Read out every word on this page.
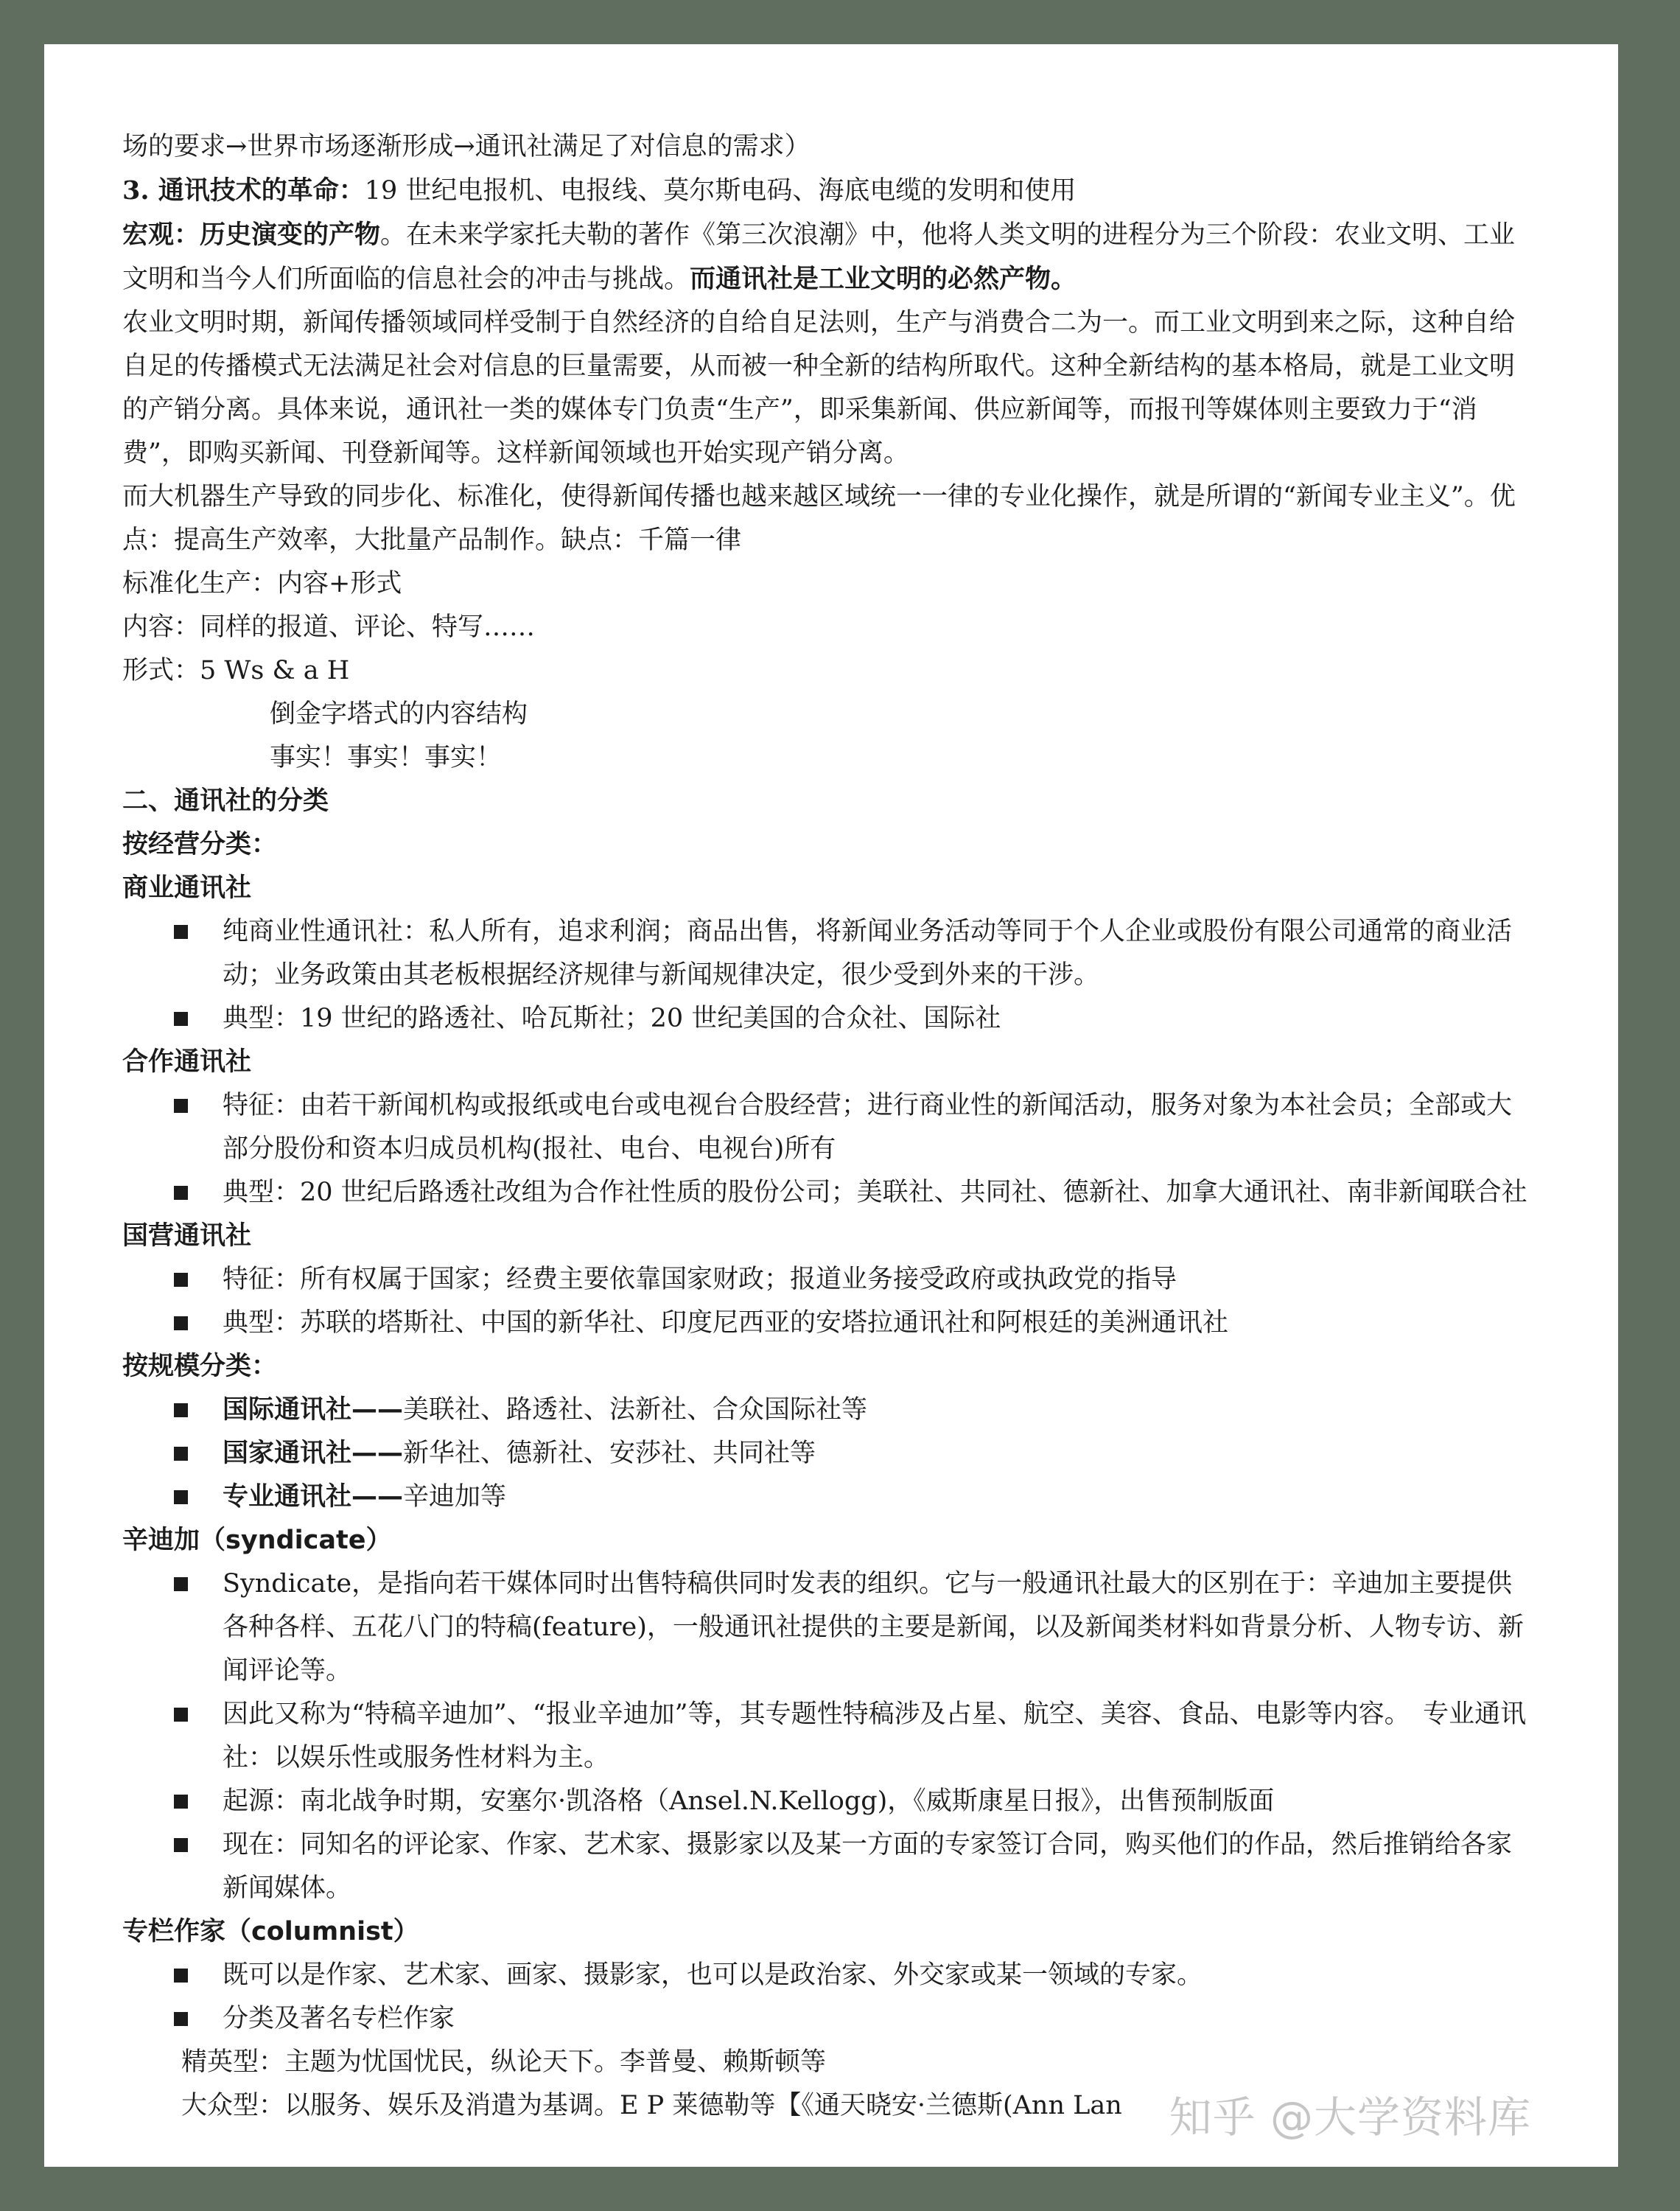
场的要求→世界市场逐渐形成→通讯社满足了对信息的需求）
3. 通讯技术的革命：19 世纪电报机、电报线、莫尔斯电码、海底电缆的发明和使用
宏观：历史演变的产物。在未来学家托夫勒的著作《第三次浪潮》中，他将人类文明的进程分为三个阶段：农业文明、工业文明和当今人们所面临的信息社会的冲击与挑战。而通讯社是工业文明的必然产物。
农业文明时期，新闻传播领域同样受制于自然经济的自给自足法则，生产与消费合二为一。而工业文明到来之际，这种自给自足的传播模式无法满足社会对信息的巨量需要，从而被一种全新的结构所取代。这种全新结构的基本格局，就是工业文明的产销分离。具体来说，通讯社一类的媒体专门负责“生产”，即采集新闻、供应新闻等，而报刊等媒体则主要致力于“消费”，即购买新闻、刊登新闻等。这样新闻领域也开始实现产销分离。
而大机器生产导致的同步化、标准化，使得新闻传播也越来越区域统一一律的专业化操作，就是所谓的“新闻专业主义”。优点：提高生产效率，大批量产品制作。缺点：千篇一律
标准化生产：内容+形式
内容：同样的报道、评论、特写……
形式：5 Ws & a H
倒金字塔式的内容结构
事实！事实！事实！
二、通讯社的分类
按经营分类：
商业通讯社
纯商业性通讯社：私人所有，追求利润；商品出售，将新闻业务活动等同于个人企业或股份有限公司通常的商业活动；业务政策由其老板根据经济规律与新闻规律决定，很少受到外来的干涉。
典型：19 世纪的路透社、哈瓦斯社；20 世纪美国的合众社、国际社
合作通讯社
特征：由若干新闻机构或报纸或电台或电视台合股经营；进行商业性的新闻活动，服务对象为本社会员；全部或大部分股份和资本归成员机构(报社、电台、电视台)所有
典型：20 世纪后路透社改组为合作社性质的股份公司；美联社、共同社、德新社、加拿大通讯社、南非新闻联合社
国营通讯社
特征：所有权属于国家；经费主要依靠国家财政；报道业务接受政府或执政党的指导
典型：苏联的塔斯社、中国的新华社、印度尼西亚的安塔拉通讯社和阿根廷的美洲通讯社
按规模分类：
国际通讯社——美联社、路透社、法新社、合众国际社等
国家通讯社——新华社、德新社、安莎社、共同社等
专业通讯社——辛迪加等
辛迪加（syndicate）
Syndicate，是指向若干媒体同时出售特稿供同时发表的组织。它与一般通讯社最大的区别在于：辛迪加主要提供各种各样、五花八门的特稿(feature)，一般通讯社提供的主要是新闻，以及新闻类材料如背景分析、人物专访、新闻评论等。
因此又称为“特稿辛迪加”、“报业辛迪加”等，其专题性特稿涉及占星、航空、美容、食品、电影等内容。　专业通讯社：以娱乐性或服务性材料为主。
起源：南北战争时期，安塞尔·凯洛格（Ansel.N.Kellogg)，《威斯康星日报》，出售预制版面
现在：同知名的评论家、作家、艺术家、摄影家以及某一方面的专家签订合同，购买他们的作品，然后推销给各家新闻媒体。
专栏作家（columnist）
既可以是作家、艺术家、画家、摄影家，也可以是政治家、外交家或某一领域的专家。
分类及著名专栏作家
精英型：主题为忧国忧民，纵论天下。李普曼、赖斯顿等
大众型：以服务、娱乐及消遣为基调。E P 莱德勒等【《通天晓安·兰德斯(Ann Lan	知乎 @大学资料库
